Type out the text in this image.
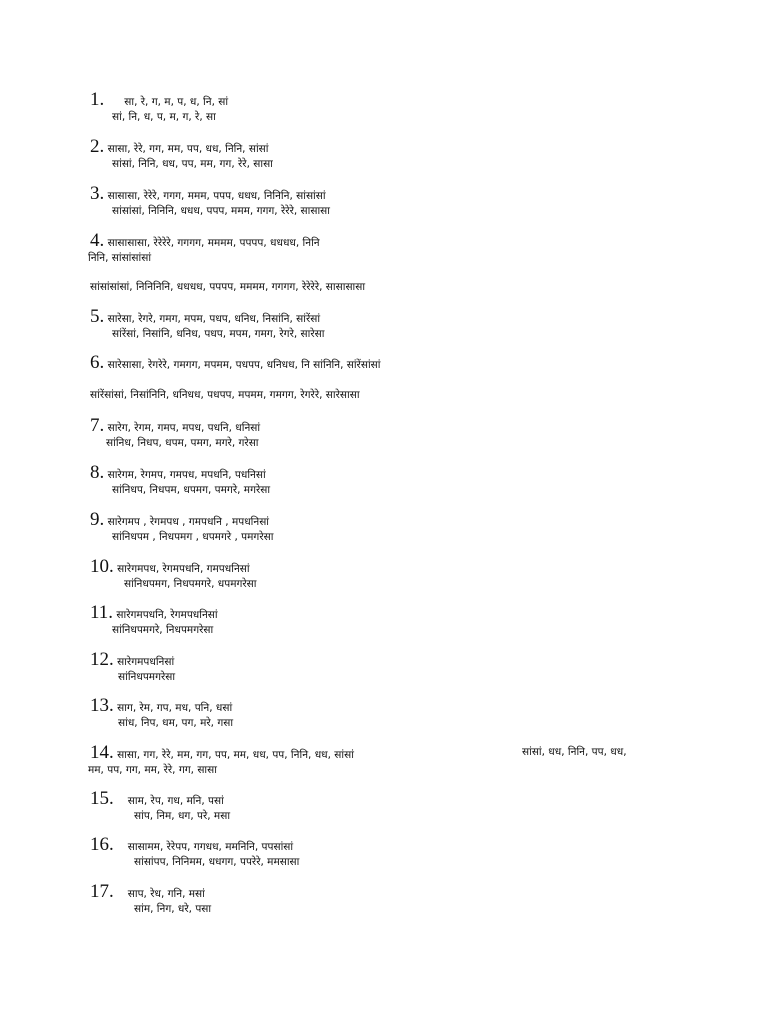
1. सा, रे, ग, म, प, ध, नि, सां
सां, नि, ध, प, म, ग, रे, सा
2. सासा, रेरे, गग, मम, पप, धध, निनि, सांसां
सांसां, निनि, धध, पप, मम, गग, रेरे, सासा
3. सासासा, रेरेरे, गगग, ममम, पपप, धधध, निनिनि, सांसांसां
सांसांसां, निनिनि, धधध, पपप, ममम, गगग, रेरेरे, सासासा
4. सासासासा, रेरेरेरे, गगगग, मममम, पपपप, धधधध, निनि
निनि, सांसांसांसां
सांसांसांसां, निनिनिनि, धधधध, पपपप, मममम, गगगग, रेरेरेरे, सासासासा
5. सारेसा, रेगरे, गमग, मपम, पधप, धनिध, निसांनि, सांरेंसां
सांरेंसां, निसांनि, धनिध, पधप, मपम, गमग, रेगरे, सारेसा
6. सारेसासा, रेगरेरे, गमगग, मपमम, पधपप, धनिधध, नि सांनिनि, सांरेंसांसां
सांरेंसांसां, निसांनिनि, धनिधध, पधपप, मपमम, गमगग, रेगरेरे, सारेसासा
7. सारेग, रेगम, गमप, मपध, पधनि, धनिसां
सांनिध, निधप, धपम, पमग, मगरे, गरेसा
8. सारेगम, रेगमप, गमपध, मपधनि, पधनिसां
सांनिधप, निधपम, धपमग, पमगरे, मगरेसा
9. सारेगमप , रेगमपध , गमपधनि , मपधनिसां
सांनिधपम , निधपमग , धपमगरे , पमगरेसा
10. सारेगमपध, रेगमपधनि, गमपधनिसां
सांनिधपमग, निधपमगरे, धपमगरेसा
11. सारेगमपधनि, रेगमपधनिसां
सांनिधपमगरे, निधपमगरेसा
12. सारेगमपधनिसां
सांनिधपमगरेसा
13. साग, रेम, गप, मध, पनि, धसां
सांध, निप, धम, पग, मरे, गसा
14. सासा, गग, रेरे, मम, गग, पप, मम, धध, पप, निनि, धध, सांसां	सांसां, धध, निनि, पप, धध,
मम, पप, गग, मम, रेरे, गग, सासा
15. साम, रेप, गध, मनि, पसां
सांप, निम, धग, परे, मसा
16. सासामम, रेरेपप, गगधध, ममनिनि, पपसांसां
सांसांपप, निनिमम, धधगग, पपरेरे, ममसासा
17. साप, रेध, गनि, मसां
सांम, निग, धरे, पसा
